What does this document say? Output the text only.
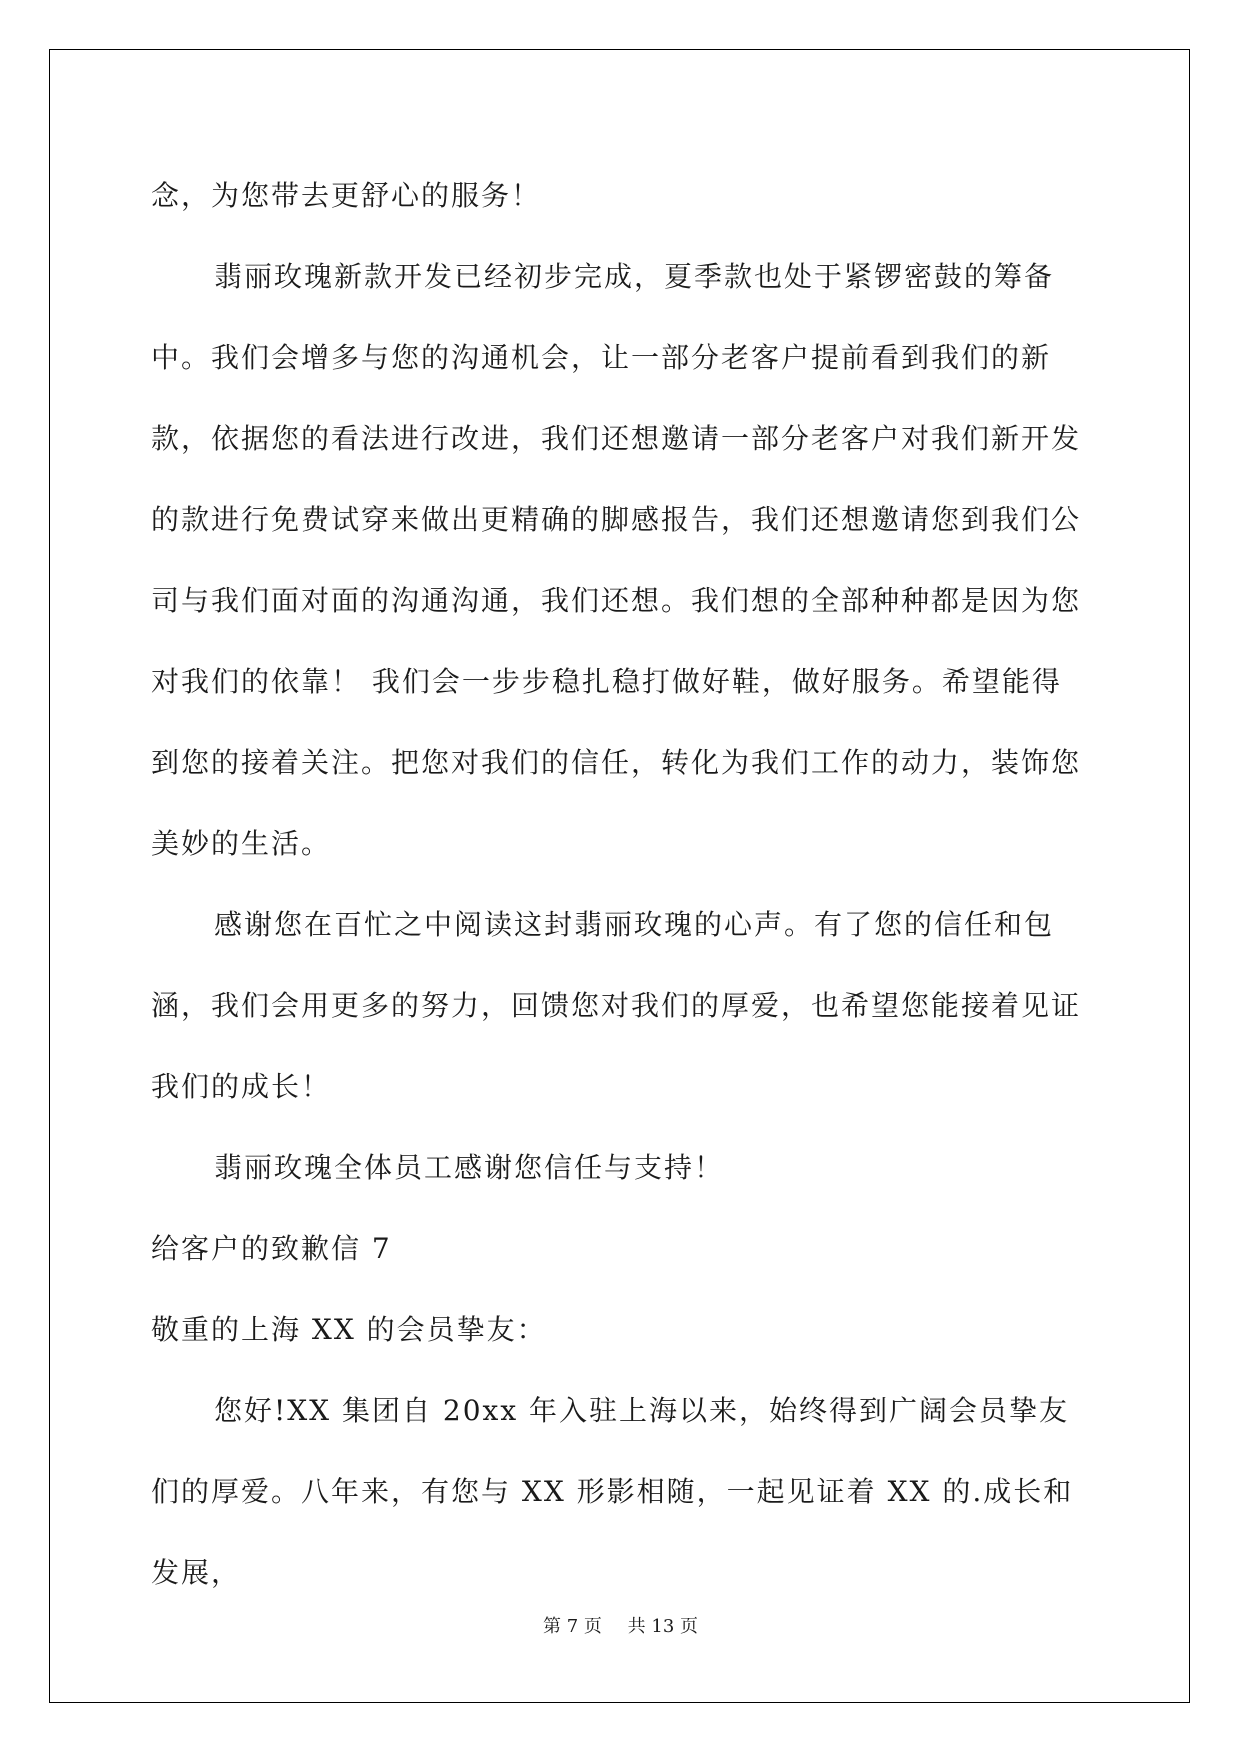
念，为您带去更舒心的服务！

翡丽玫瑰新款开发已经初步完成，夏季款也处于紧锣密鼓的筹备中。我们会增多与您的沟通机会，让一部分老客户提前看到我们的新款，依据您的看法进行改进，我们还想邀请一部分老客户对我们新开发的款进行免费试穿来做出更精确的脚感报告，我们还想邀请您到我们公司与我们面对面的沟通沟通，我们还想。我们想的全部种种都是因为您对我们的依靠！ 我们会一步步稳扎稳打做好鞋，做好服务。希望能得到您的接着关注。把您对我们的信任，转化为我们工作的动力，装饰您美妙的生活。

感谢您在百忙之中阅读这封翡丽玫瑰的心声。有了您的信任和包涵，我们会用更多的努力，回馈您对我们的厚爱，也希望您能接着见证我们的成长！

翡丽玫瑰全体员工感谢您信任与支持！

给客户的致歉信 7

敬重的上海 XX 的会员挚友：

您好!XX 集团自 20xx 年入驻上海以来，始终得到广阔会员挚友们的厚爱。八年来，有您与 XX 形影相随，一起见证着 XX 的.成长和发展，

第 7 页 共 13 页
